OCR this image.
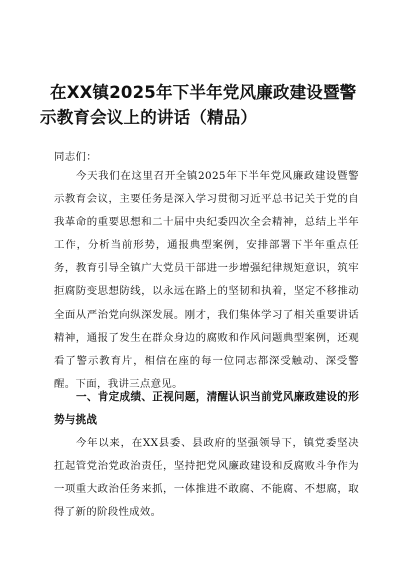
在XX镇2025年下半年党风廉政建设暨警示教育会议上的讲话（精品）
同志们：
今天我们在这里召开全镇2025年下半年党风廉政建设暨警示教育会议，主要任务是深入学习贯彻习近平总书记关于党的自我革命的重要思想和二十届中央纪委四次全会精神，总结上半年工作，分析当前形势，通报典型案例，安排部署下半年重点任务，教育引导全镇广大党员干部进一步增强纪律规矩意识，筑牢拒腐防变思想防线，以永远在路上的坚韧和执着，坚定不移推动全面从严治党向纵深发展。刚才，我们集体学习了相关重要讲话精神，通报了发生在群众身边的腐败和作风问题典型案例，还观看了警示教育片，相信在座的每一位同志都深受触动、深受警醒。下面，我讲三点意见。
一、肯定成绩、正视问题，清醒认识当前党风廉政建设的形势与挑战
今年以来，在XX县委、县政府的坚强领导下，镇党委坚决扛起管党治党政治责任，坚持把党风廉政建设和反腐败斗争作为一项重大政治任务来抓，一体推进不敢腐、不能腐、不想腐，取得了新的阶段性成效。
